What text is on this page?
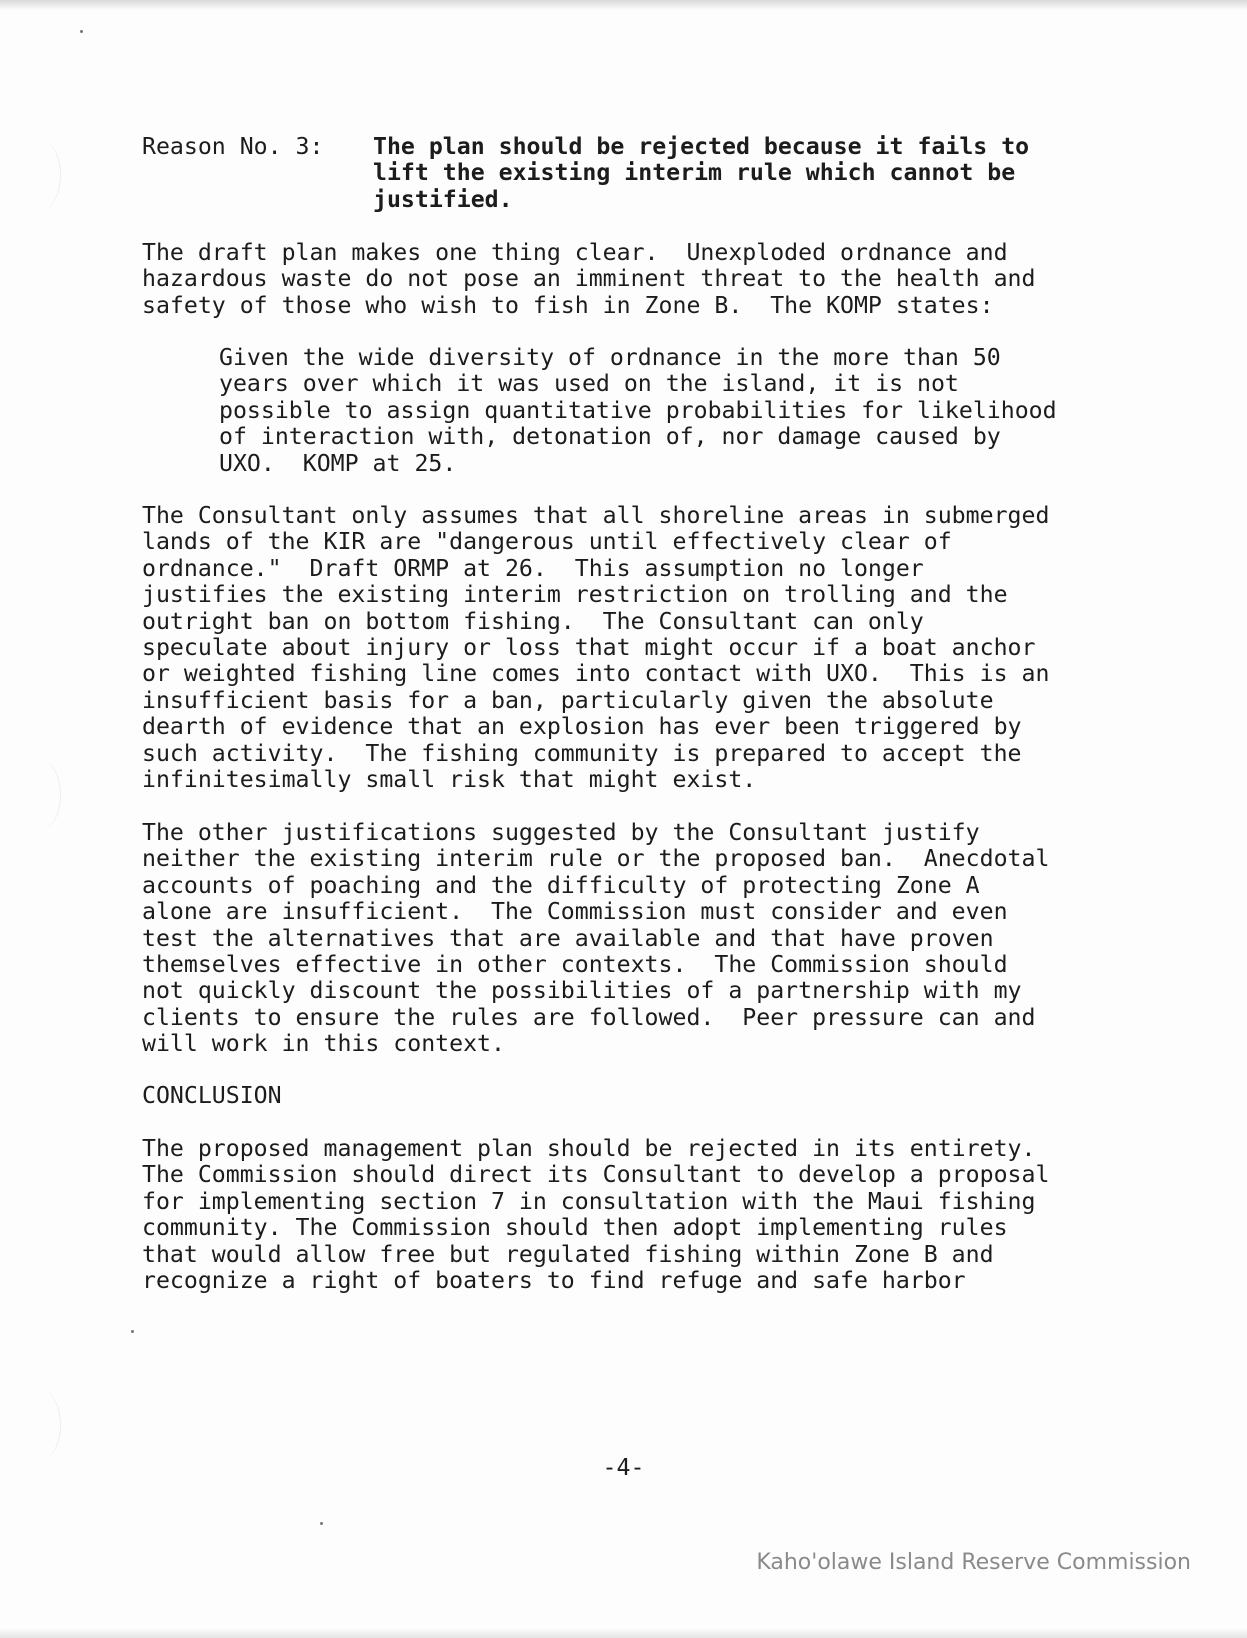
Reason No. 3: The plan should be rejected because it fails to
lift the existing interim rule which cannot be
justified.
The draft plan makes one thing clear.  Unexploded ordnance and
hazardous waste do not pose an imminent threat to the health and
safety of those who wish to fish in Zone B.  The KOMP states:
Given the wide diversity of ordnance in the more than 50
years over which it was used on the island, it is not
possible to assign quantitative probabilities for likelihood
of interaction with, detonation of, nor damage caused by
UXO.  KOMP at 25.
The Consultant only assumes that all shoreline areas in submerged
lands of the KIR are "dangerous until effectively clear of
ordnance."  Draft ORMP at 26.  This assumption no longer
justifies the existing interim restriction on trolling and the
outright ban on bottom fishing.  The Consultant can only
speculate about injury or loss that might occur if a boat anchor
or weighted fishing line comes into contact with UXO.  This is an
insufficient basis for a ban, particularly given the absolute
dearth of evidence that an explosion has ever been triggered by
such activity.  The fishing community is prepared to accept the
infinitesimally small risk that might exist.
The other justifications suggested by the Consultant justify
neither the existing interim rule or the proposed ban.  Anecdotal
accounts of poaching and the difficulty of protecting Zone A
alone are insufficient.  The Commission must consider and even
test the alternatives that are available and that have proven
themselves effective in other contexts.  The Commission should
not quickly discount the possibilities of a partnership with my
clients to ensure the rules are followed.  Peer pressure can and
will work in this context.
CONCLUSION
The proposed management plan should be rejected in its entirety.
The Commission should direct its Consultant to develop a proposal
for implementing section 7 in consultation with the Maui fishing
community. The Commission should then adopt implementing rules
that would allow free but regulated fishing within Zone B and
recognize a right of boaters to find refuge and safe harbor
-4-
Kaho'olawe Island Reserve Commission
